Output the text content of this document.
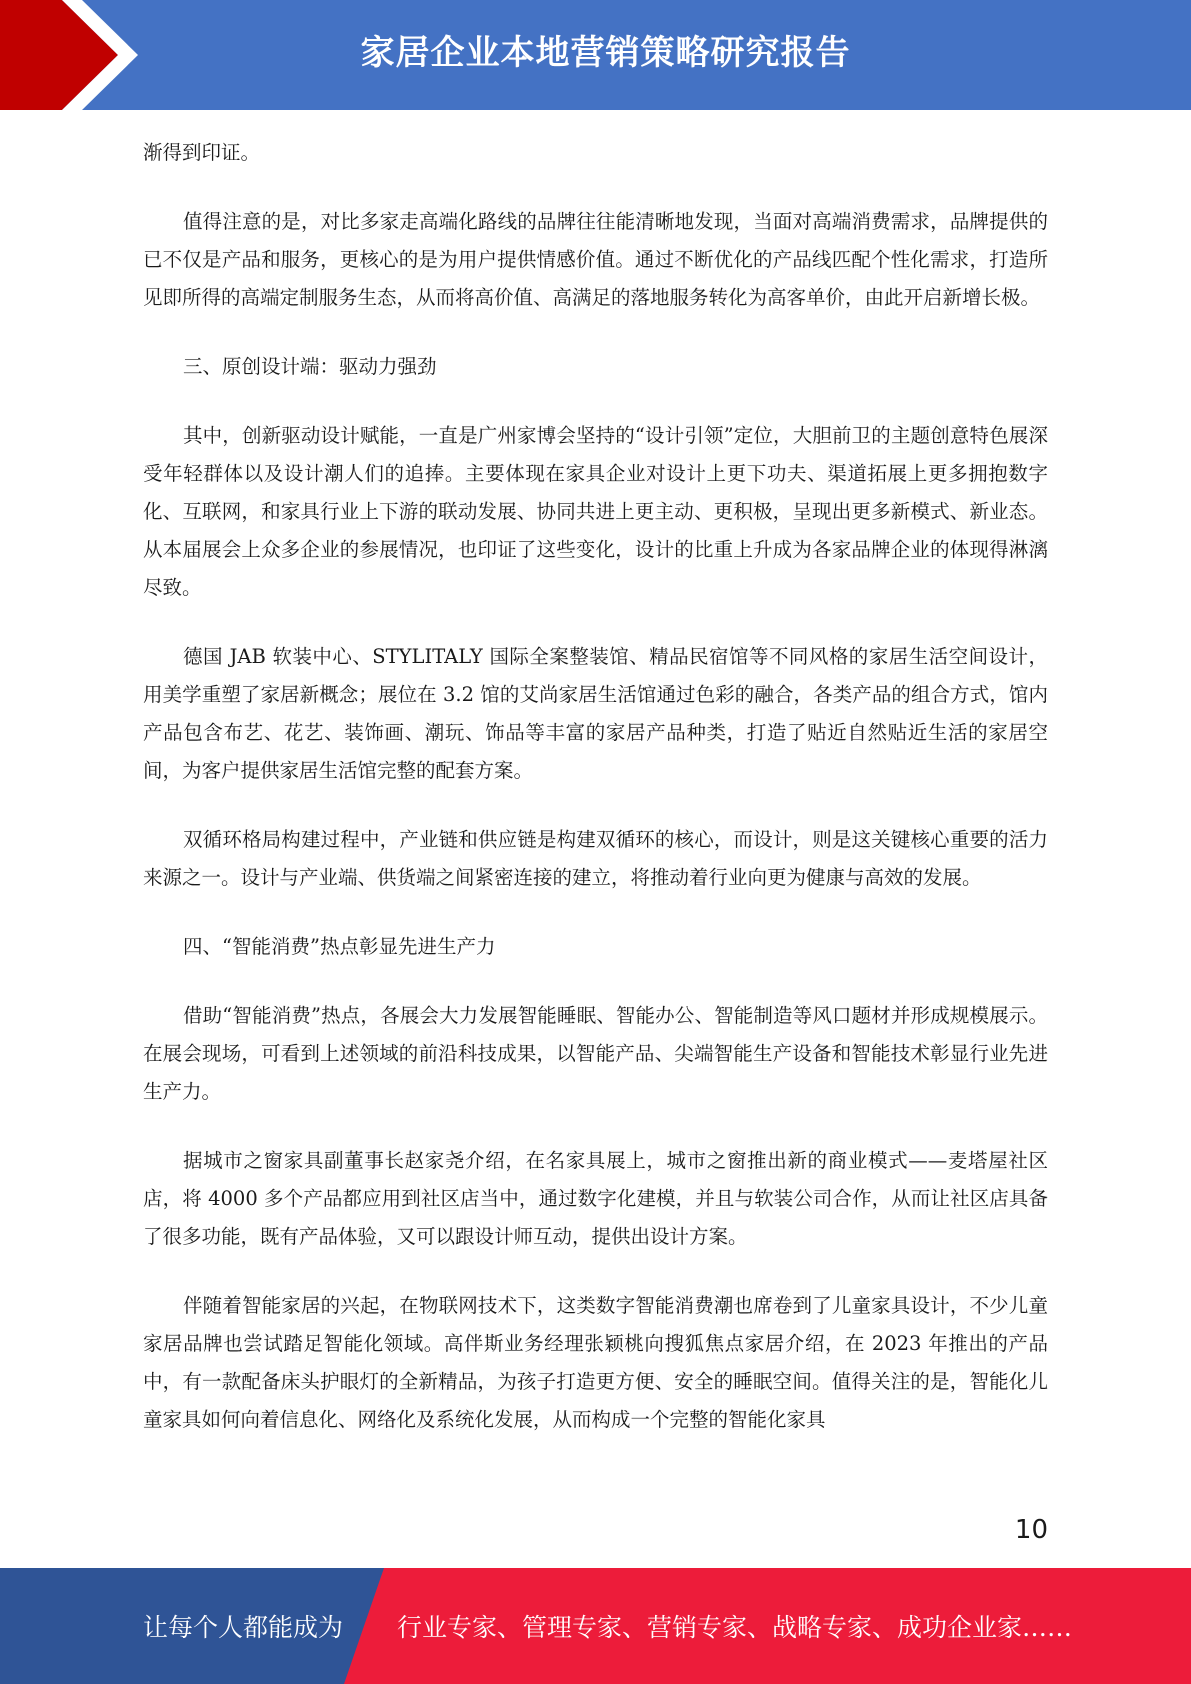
家居企业本地营销策略研究报告

渐得到印证。

值得注意的是，对比多家走高端化路线的品牌往往能清晰地发现，当面对高端消费需求，品牌提供的已不仅是产品和服务，更核心的是为用户提供情感价值。通过不断优化的产品线匹配个性化需求，打造所见即所得的高端定制服务生态，从而将高价值、高满足的落地服务转化为高客单价，由此开启新增长极。

三、原创设计端：驱动力强劲

其中，创新驱动设计赋能，一直是广州家博会坚持的“设计引领”定位，大胆前卫的主题创意特色展深受年轻群体以及设计潮人们的追捧。主要体现在家具企业对设计上更下功夫、渠道拓展上更多拥抱数字化、互联网，和家具行业上下游的联动发展、协同共进上更主动、更积极，呈现出更多新模式、新业态。从本届展会上众多企业的参展情况，也印证了这些变化，设计的比重上升成为各家品牌企业的体现得淋漓尽致。

德国 JAB 软装中心、STYLITALY 国际全案整装馆、精品民宿馆等不同风格的家居生活空间设计，用美学重塑了家居新概念；展位在 3.2 馆的艾尚家居生活馆通过色彩的融合，各类产品的组合方式，馆内产品包含布艺、花艺、装饰画、潮玩、饰品等丰富的家居产品种类，打造了贴近自然贴近生活的家居空间，为客户提供家居生活馆完整的配套方案。

双循环格局构建过程中，产业链和供应链是构建双循环的核心，而设计，则是这关键核心重要的活力来源之一。设计与产业端、供货端之间紧密连接的建立，将推动着行业向更为健康与高效的发展。

四、“智能消费”热点彰显先进生产力

借助“智能消费”热点，各展会大力发展智能睡眠、智能办公、智能制造等风口题材并形成规模展示。在展会现场，可看到上述领域的前沿科技成果，以智能产品、尖端智能生产设备和智能技术彰显行业先进生产力。

据城市之窗家具副董事长赵家尧介绍，在名家具展上，城市之窗推出新的商业模式——麦塔屋社区店，将 4000 多个产品都应用到社区店当中，通过数字化建模，并且与软装公司合作，从而让社区店具备了很多功能，既有产品体验，又可以跟设计师互动，提供出设计方案。

伴随着智能家居的兴起，在物联网技术下，这类数字智能消费潮也席卷到了儿童家具设计，不少儿童家居品牌也尝试踏足智能化领域。高伴斯业务经理张颖桃向搜狐焦点家居介绍，在 2023 年推出的产品中，有一款配备床头护眼灯的全新精品，为孩子打造更方便、安全的睡眠空间。值得关注的是，智能化儿童家具如何向着信息化、网络化及系统化发展，从而构成一个完整的智能化家具

10
让每个人都能成为 行业专家、管理专家、营销专家、战略专家、成功企业家……
